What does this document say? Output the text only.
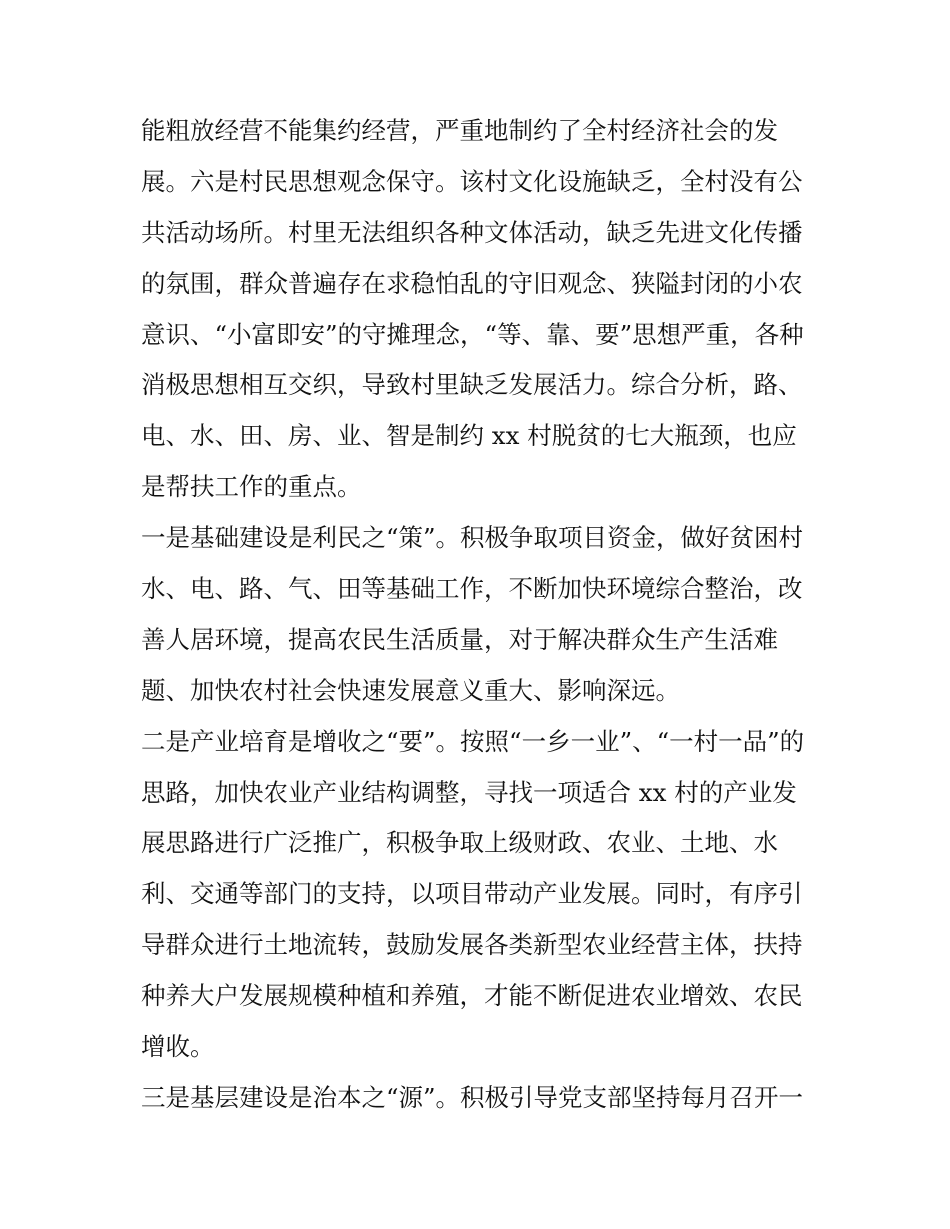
能粗放经营不能集约经营，严重地制约了全村经济社会的发
展。六是村民思想观念保守。该村文化设施缺乏，全村没有公
共活动场所。村里无法组织各种文体活动，缺乏先进文化传播
的氛围，群众普遍存在求稳怕乱的守旧观念、狭隘封闭的小农
意识、“小富即安”的守摊理念，“等、靠、要”思想严重，各种
消极思想相互交织，导致村里缺乏发展活力。综合分析，路、
电、水、田、房、业、智是制约 xx 村脱贫的七大瓶颈，也应
是帮扶工作的重点。
一是基础建设是利民之“策”。积极争取项目资金，做好贫困村
水、电、路、气、田等基础工作，不断加快环境综合整治，改
善人居环境，提高农民生活质量，对于解决群众生产生活难
题、加快农村社会快速发展意义重大、影响深远。
二是产业培育是增收之“要”。按照“一乡一业”、“一村一品”的
思路，加快农业产业结构调整，寻找一项适合 xx 村的产业发
展思路进行广泛推广，积极争取上级财政、农业、土地、水
利、交通等部门的支持，以项目带动产业发展。同时，有序引
导群众进行土地流转，鼓励发展各类新型农业经营主体，扶持
种养大户发展规模种植和养殖，才能不断促进农业增效、农民
增收。
三是基层建设是治本之“源”。积极引导党支部坚持每月召开一
